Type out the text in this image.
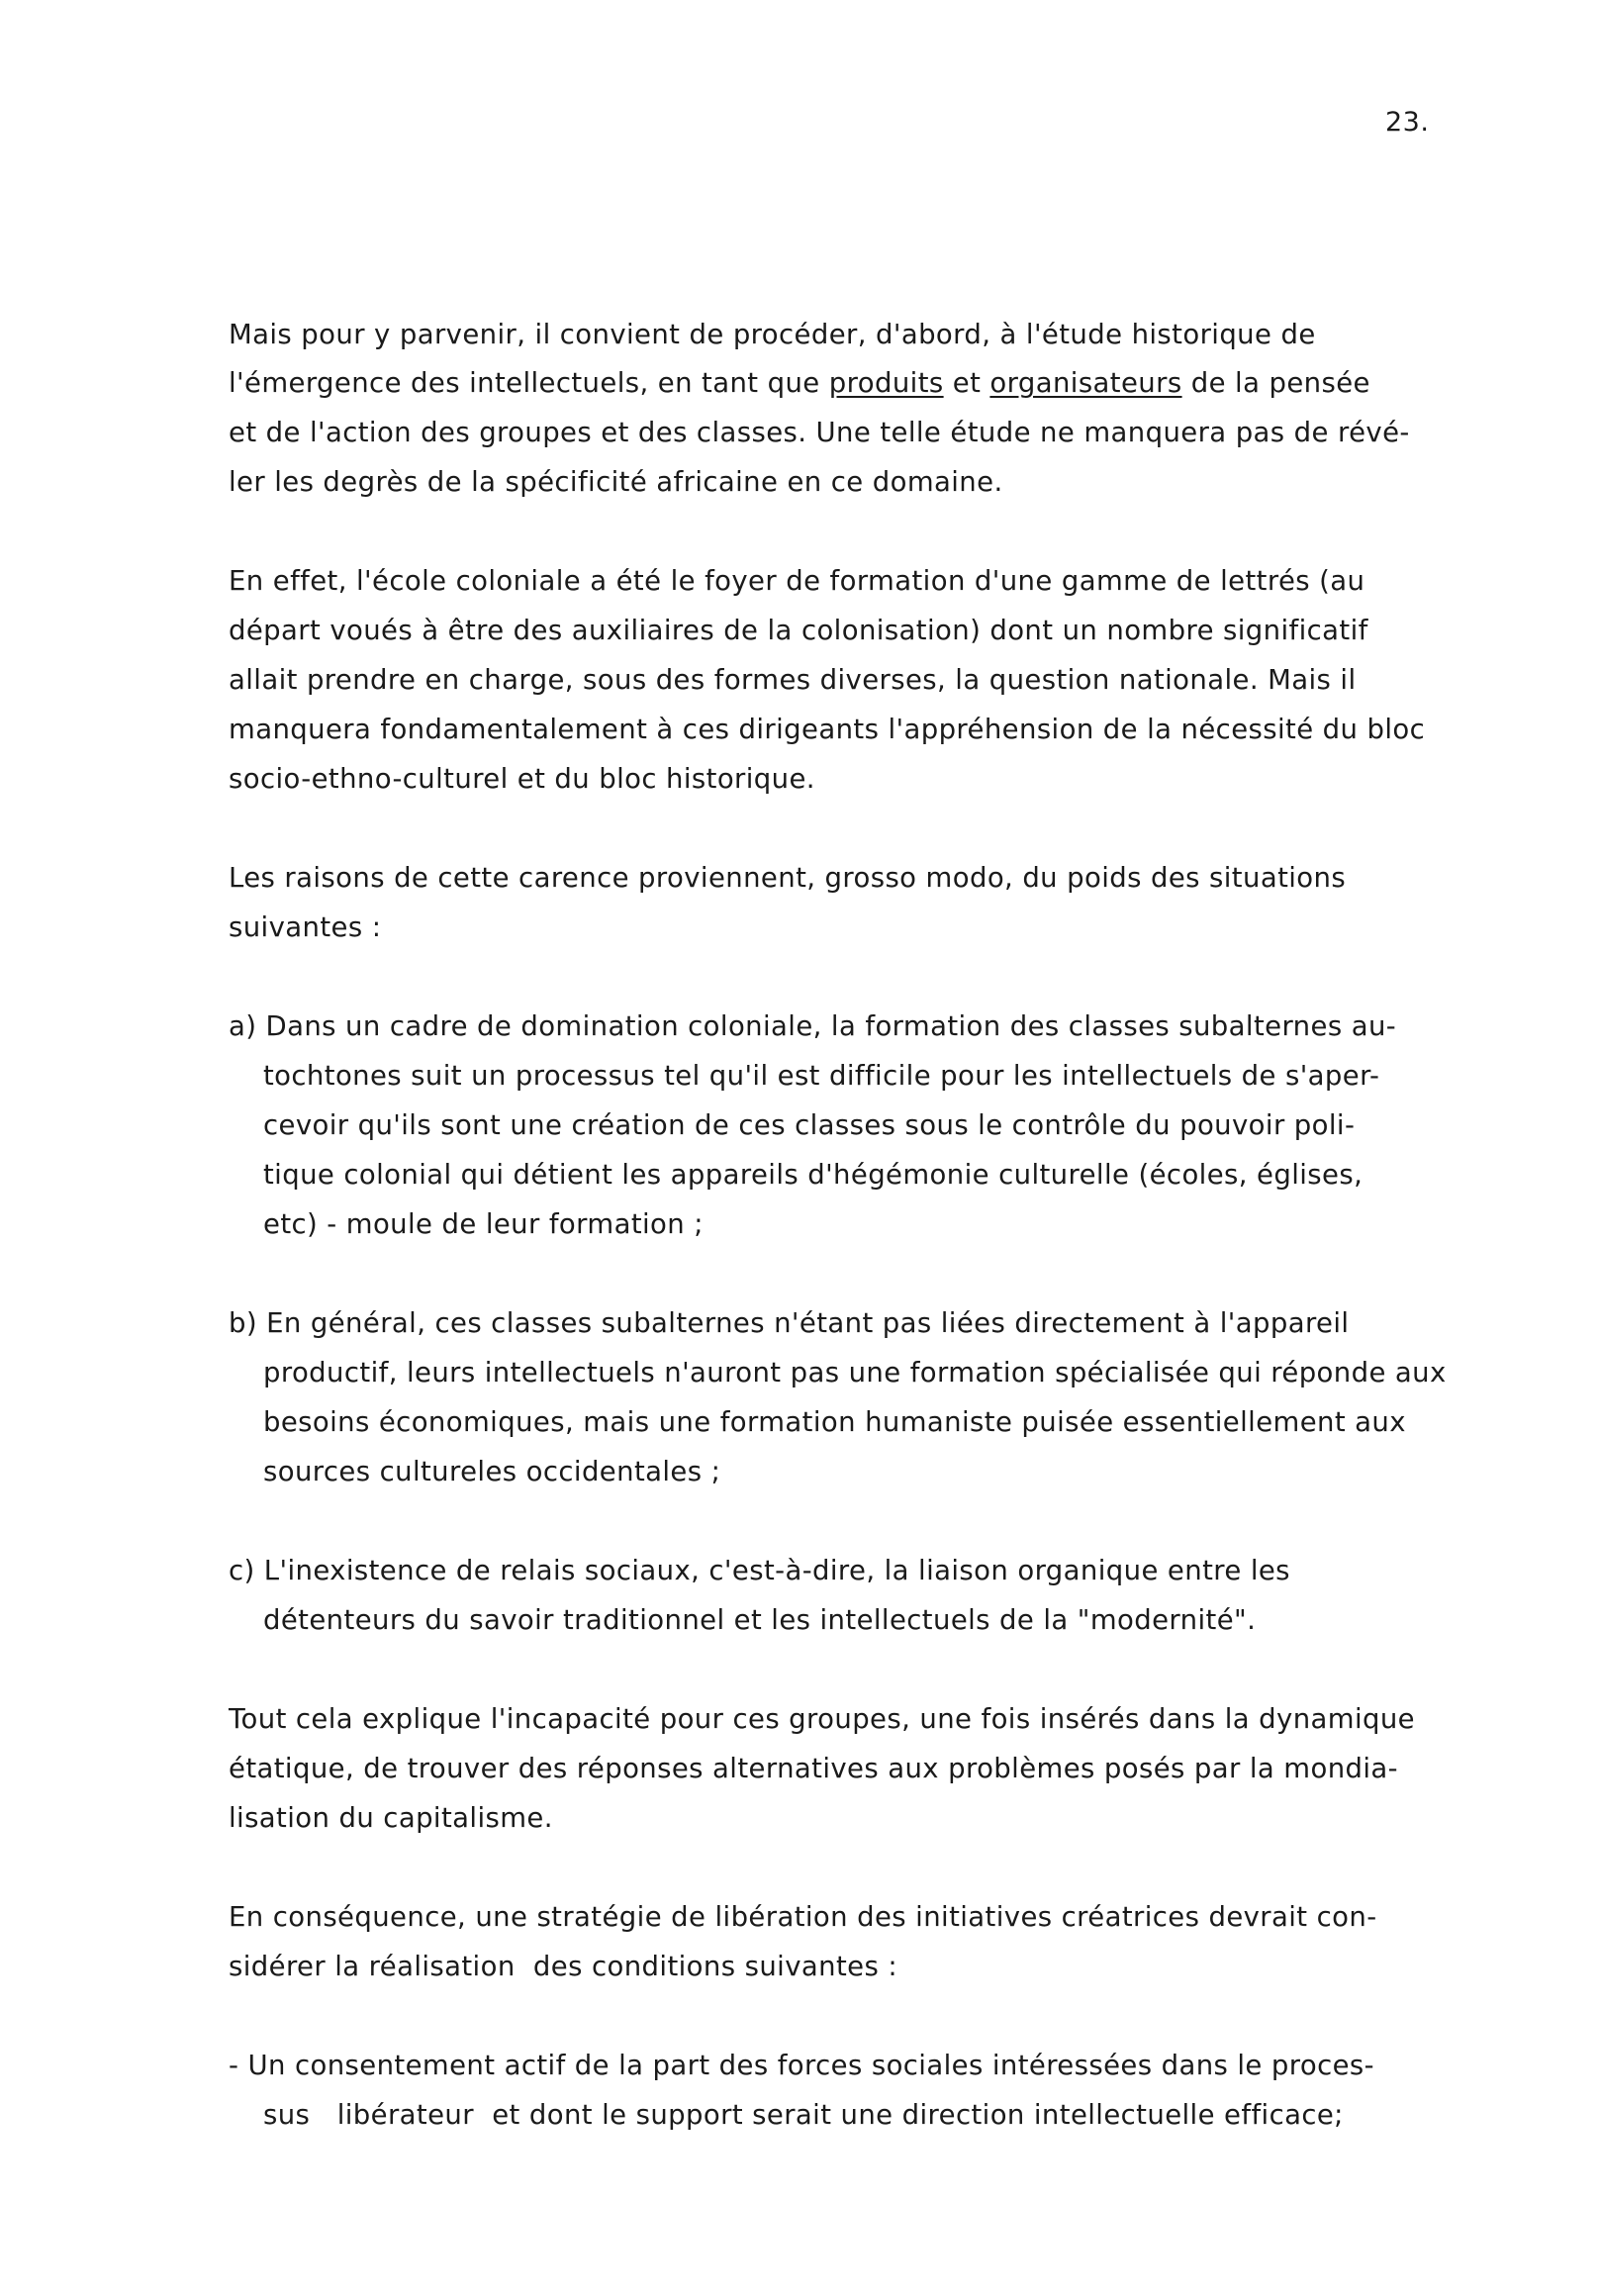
23.
Mais pour y parvenir, il convient de procéder, d'abord, à l'étude historique de
l'émergence des intellectuels, en tant que produits et organisateurs de la pensée
et de l'action des groupes et des classes. Une telle étude ne manquera pas de révé-
ler les degrès de la spécificité africaine en ce domaine.
En effet, l'école coloniale a été le foyer de formation d'une gamme de lettrés (au
départ voués à être des auxiliaires de la colonisation) dont un nombre significatif
allait prendre en charge, sous des formes diverses, la question nationale. Mais il
manquera fondamentalement à ces dirigeants l'appréhension de la nécessité du bloc
socio-ethno-culturel et du bloc historique.
Les raisons de cette carence proviennent, grosso modo, du poids des situations
suivantes :
a) Dans un cadre de domination coloniale, la formation des classes subalternes au-
tochtones suit un processus tel qu'il est difficile pour les intellectuels de s'aper-
cevoir qu'ils sont une création de ces classes sous le contrôle du pouvoir poli-
tique colonial qui détient les appareils d'hégémonie culturelle (écoles, églises,
etc) - moule de leur formation ;
b) En général, ces classes subalternes n'étant pas liées directement à l'appareil
productif, leurs intellectuels n'auront pas une formation spécialisée qui réponde aux
besoins économiques, mais une formation humaniste puisée essentiellement aux
sources cultureles occidentales ;
c) L'inexistence de relais sociaux, c'est-à-dire, la liaison organique entre les
détenteurs du savoir traditionnel et les intellectuels de la "modernité".
Tout cela explique l'incapacité pour ces groupes, une fois insérés dans la dynamique
étatique, de trouver des réponses alternatives aux problèmes posés par la mondia-
lisation du capitalisme.
En conséquence, une stratégie de libération des initiatives créatrices devrait con-
sidérer la réalisation  des conditions suivantes :
- Un consentement actif de la part des forces sociales intéressées dans le proces-
sus   libérateur  et dont le support serait une direction intellectuelle efficace;
